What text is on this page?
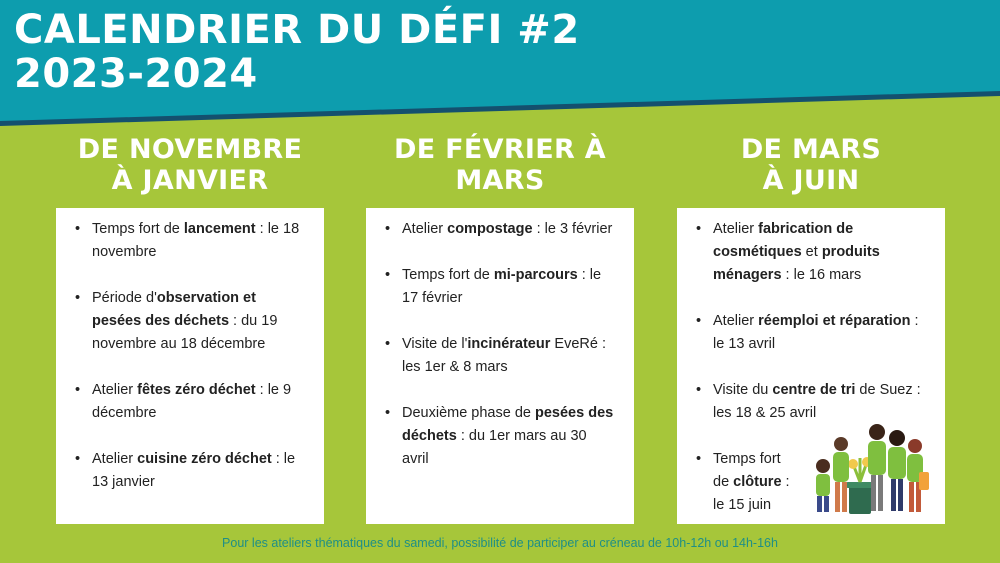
CALENDRIER DU DÉFI #2
2023-2024
DE NOVEMBRE
À JANVIER
• Temps fort de lancement : le 18 novembre
• Période d'observation et pesées des déchets : du 19 novembre au 18 décembre
• Atelier fêtes zéro déchet : le 9 décembre
• Atelier cuisine zéro déchet : le 13 janvier
DE FÉVRIER À
MARS
• Atelier compostage : le 3 février
• Temps fort de mi-parcours : le 17 février
• Visite de l'incinérateur EveRé : les 1er & 8 mars
• Deuxième phase de pesées des déchets : du 1er mars au 30 avril
DE MARS
À JUIN
• Atelier fabrication de cosmétiques et produits ménagers : le 16 mars
• Atelier réemploi et réparation : le 13 avril
• Visite du centre de tri de Suez : les 18 & 25 avril
• Temps fort de clôture : le 15 juin
Pour les ateliers thématiques du samedi, possibilité de participer au créneau de 10h-12h ou 14h-16h
